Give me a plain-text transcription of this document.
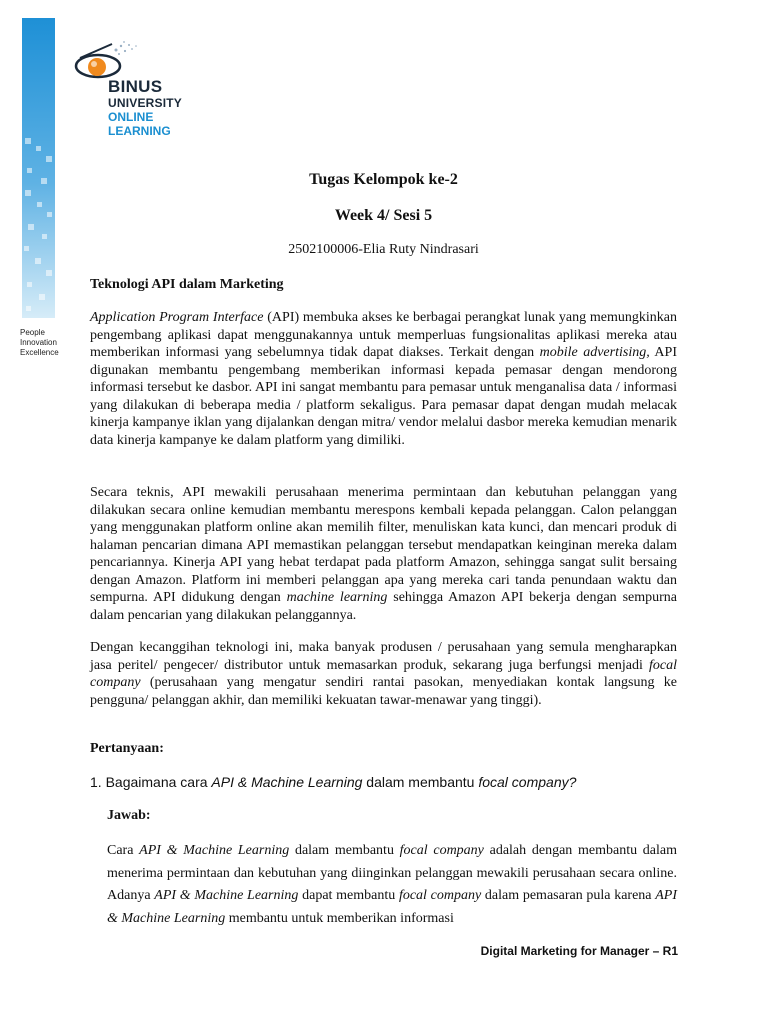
BINUS
UNIVERSITY
ONLINE
LEARNING
People
Innovation
Excellence
Tugas Kelompok ke-2
Week 4/ Sesi 5
2502100006-Elia Ruty Nindrasari
Teknologi API dalam Marketing

Application Program Interface (API) membuka akses ke berbagai perangkat lunak yang memungkinkan pengembang aplikasi dapat menggunakannya untuk memperluas fungsionalitas aplikasi mereka atau memberikan informasi yang sebelumnya tidak dapat diakses. Terkait dengan mobile advertising, API digunakan membantu pengembang memberikan informasi kepada pemasar dengan mendorong informasi tersebut ke dasbor. API ini sangat membantu para pemasar untuk menganalisa data / informasi yang dilakukan di beberapa media / platform sekaligus. Para pemasar dapat dengan mudah melacak kinerja kampanye iklan yang dijalankan dengan mitra/ vendor melalui dasbor mereka kemudian menarik data kinerja kampanye ke dalam platform yang dimiliki.

Secara teknis, API mewakili perusahaan menerima permintaan dan kebutuhan pelanggan yang dilakukan secara online kemudian membantu merespons kembali kepada pelanggan. Calon pelanggan yang menggunakan platform online akan memilih filter, menuliskan kata kunci, dan mencari produk di halaman pencarian dimana API memastikan pelanggan tersebut mendapatkan keinginan mereka dalam pencariannya. Kinerja API yang hebat terdapat pada platform Amazon, sehingga sangat sulit bersaing dengan Amazon. Platform ini memberi pelanggan apa yang mereka cari tanda penundaan waktu dan sempurna. API didukung dengan machine learning sehingga Amazon API bekerja dengan sempurna dalam pencarian yang dilakukan pelanggannya.

Dengan kecanggihan teknologi ini, maka banyak produsen / perusahaan yang semula mengharapkan jasa peritel/ pengecer/ distributor untuk memasarkan produk, sekarang juga berfungsi menjadi focal company (perusahaan yang mengatur sendiri rantai pasokan, menyediakan kontak langsung ke pengguna/ pelanggan akhir, dan memiliki kekuatan tawar-menawar yang tinggi).

Pertanyaan:
1. Bagaimana cara API & Machine Learning dalam membantu focal company?
Jawab:

Cara API & Machine Learning dalam membantu focal company adalah dengan membantu dalam menerima permintaan dan kebutuhan yang diinginkan pelanggan mewakili perusahaan secara online. Adanya API & Machine Learning dapat membantu focal company dalam pemasaran pula karena API & Machine Learning membantu untuk memberikan informasi

Digital Marketing for Manager – R1
